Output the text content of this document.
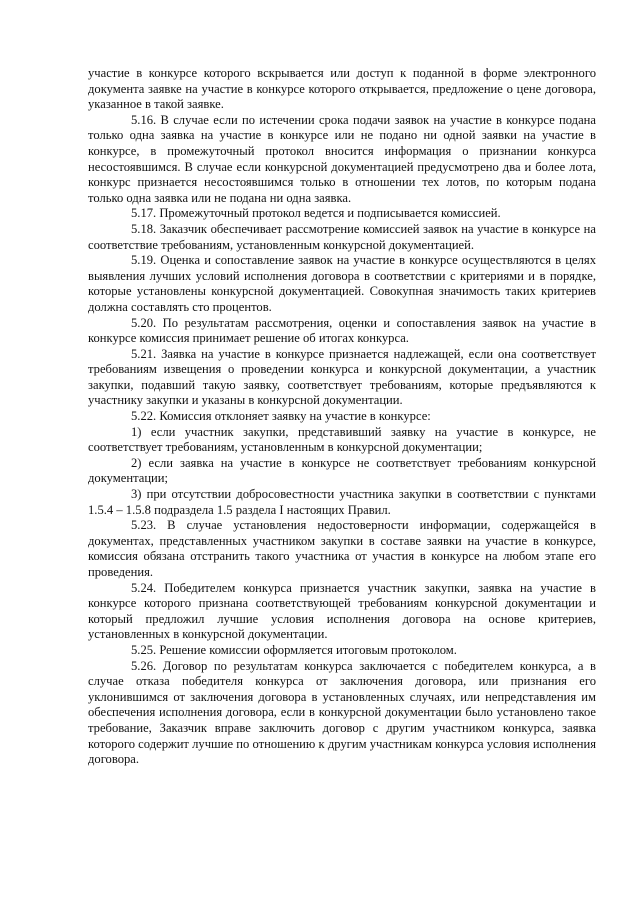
участие в конкурсе которого вскрывается или доступ к поданной в форме электронного документа заявке на участие в конкурсе которого открывается, предложение о цене договора, указанное в такой заявке.

5.16. В случае если по истечении срока подачи заявок на участие в конкурсе подана только одна заявка на участие в конкурсе или не подано ни одной заявки на участие в конкурсе, в промежуточный протокол вносится информация о признании конкурса несостоявшимся. В случае если конкурсной документацией предусмотрено два и более лота, конкурс признается несостоявшимся только в отношении тех лотов, по которым подана только одна заявка или не подана ни одна заявка.

5.17. Промежуточный протокол ведется и подписывается комиссией.

5.18. Заказчик обеспечивает рассмотрение комиссией заявок на участие в конкурсе на соответствие требованиям, установленным конкурсной документацией.

5.19. Оценка и сопоставление заявок на участие в конкурсе осуществляются в целях выявления лучших условий исполнения договора в соответствии с критериями и в порядке, которые установлены конкурсной документацией. Совокупная значимость таких критериев должна составлять сто процентов.

5.20. По результатам рассмотрения, оценки и сопоставления заявок на участие в конкурсе комиссия принимает решение об итогах конкурса.

5.21. Заявка на участие в конкурсе признается надлежащей, если она соответствует требованиям извещения о проведении конкурса и конкурсной документации, а участник закупки, подавший такую заявку, соответствует требованиям, которые предъявляются к участнику закупки и указаны в конкурсной документации.

5.22. Комиссия отклоняет заявку на участие в конкурсе:

1) если участник закупки, представивший заявку на участие в конкурсе, не соответствует требованиям, установленным в конкурсной документации;

2) если заявка на участие в конкурсе не соответствует требованиям конкурсной документации;

3) при отсутствии добросовестности участника закупки в соответствии с пунктами 1.5.4 – 1.5.8 подраздела 1.5 раздела I настоящих Правил.

5.23. В случае установления недостоверности информации, содержащейся в документах, представленных участником закупки в составе заявки на участие в конкурсе, комиссия обязана отстранить такого участника от участия в конкурсе на любом этапе его проведения.

5.24. Победителем конкурса признается участник закупки, заявка на участие в конкурсе которого признана соответствующей требованиям конкурсной документации и который предложил лучшие условия исполнения договора на основе критериев, установленных в конкурсной документации.

5.25. Решение комиссии оформляется итоговым протоколом.

5.26. Договор по результатам конкурса заключается с победителем конкурса, а в случае отказа победителя конкурса от заключения договора, или признания его уклонившимся от заключения договора в установленных случаях, или непредставления им обеспечения исполнения договора, если в конкурсной документации было установлено такое требование, Заказчик вправе заключить договор с другим участником конкурса, заявка которого содержит лучшие по отношению к другим участникам конкурса условия исполнения договора.
